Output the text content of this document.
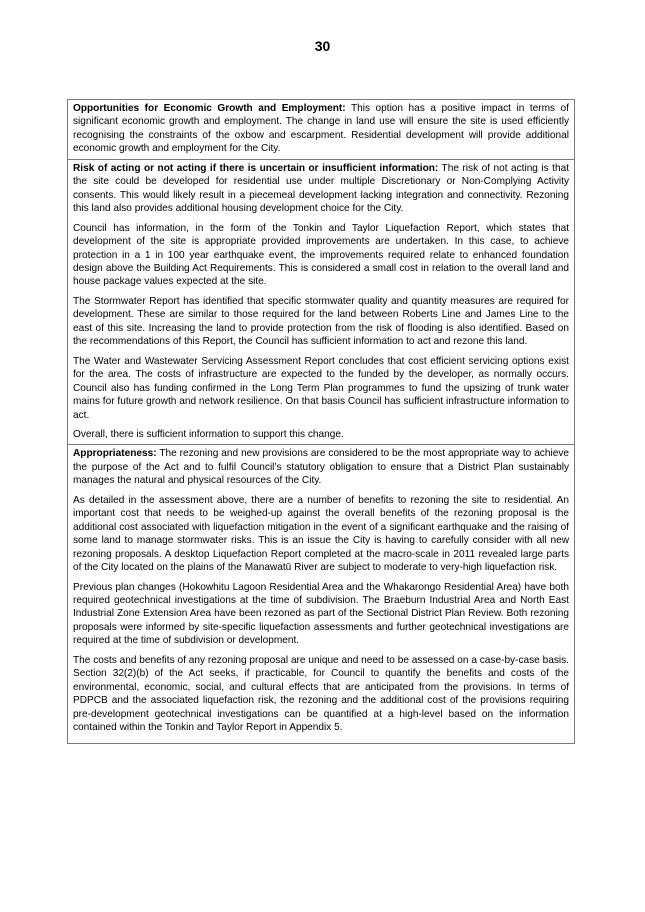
30

Opportunities for Economic Growth and Employment: This option has a positive impact in terms of significant economic growth and employment. The change in land use will ensure the site is used efficiently recognising the constraints of the oxbow and escarpment. Residential development will provide additional economic growth and employment for the City.

Risk of acting or not acting if there is uncertain or insufficient information: The risk of not acting is that the site could be developed for residential use under multiple Discretionary or Non-Complying Activity consents. This would likely result in a piecemeal development lacking integration and connectivity. Rezoning this land also provides additional housing development choice for the City.

Council has information, in the form of the Tonkin and Taylor Liquefaction Report, which states that development of the site is appropriate provided improvements are undertaken. In this case, to achieve protection in a 1 in 100 year earthquake event, the improvements required relate to enhanced foundation design above the Building Act Requirements. This is considered a small cost in relation to the overall land and house package values expected at the site.

The Stormwater Report has identified that specific stormwater quality and quantity measures are required for development. These are similar to those required for the land between Roberts Line and James Line to the east of this site. Increasing the land to provide protection from the risk of flooding is also identified. Based on the recommendations of this Report, the Council has sufficient information to act and rezone this land.

The Water and Wastewater Servicing Assessment Report concludes that cost efficient servicing options exist for the area. The costs of infrastructure are expected to the funded by the developer, as normally occurs. Council also has funding confirmed in the Long Term Plan programmes to fund the upsizing of trunk water mains for future growth and network resilience. On that basis Council has sufficient infrastructure information to act.

Overall, there is sufficient information to support this change.

Appropriateness: The rezoning and new provisions are considered to be the most appropriate way to achieve the purpose of the Act and to fulfil Council’s statutory obligation to ensure that a District Plan sustainably manages the natural and physical resources of the City.

As detailed in the assessment above, there are a number of benefits to rezoning the site to residential. An important cost that needs to be weighed-up against the overall benefits of the rezoning proposal is the additional cost associated with liquefaction mitigation in the event of a significant earthquake and the raising of some land to manage stormwater risks. This is an issue the City is having to carefully consider with all new rezoning proposals. A desktop Liquefaction Report completed at the macro-scale in 2011 revealed large parts of the City located on the plains of the Manawatū River are subject to moderate to very-high liquefaction risk.

Previous plan changes (Hokowhitu Lagoon Residential Area and the Whakarongo Residential Area) have both required geotechnical investigations at the time of subdivision. The Braeburn Industrial Area and North East Industrial Zone Extension Area have been rezoned as part of the Sectional District Plan Review. Both rezoning proposals were informed by site-specific liquefaction assessments and further geotechnical investigations are required at the time of subdivision or development.

The costs and benefits of any rezoning proposal are unique and need to be assessed on a case-by-case basis. Section 32(2)(b) of the Act seeks, if practicable, for Council to quantify the benefits and costs of the environmental, economic, social, and cultural effects that are anticipated from the provisions. In terms of PDPCB and the associated liquefaction risk, the rezoning and the additional cost of the provisions requiring pre-development geotechnical investigations can be quantified at a high-level based on the information contained within the Tonkin and Taylor Report in Appendix 5.
